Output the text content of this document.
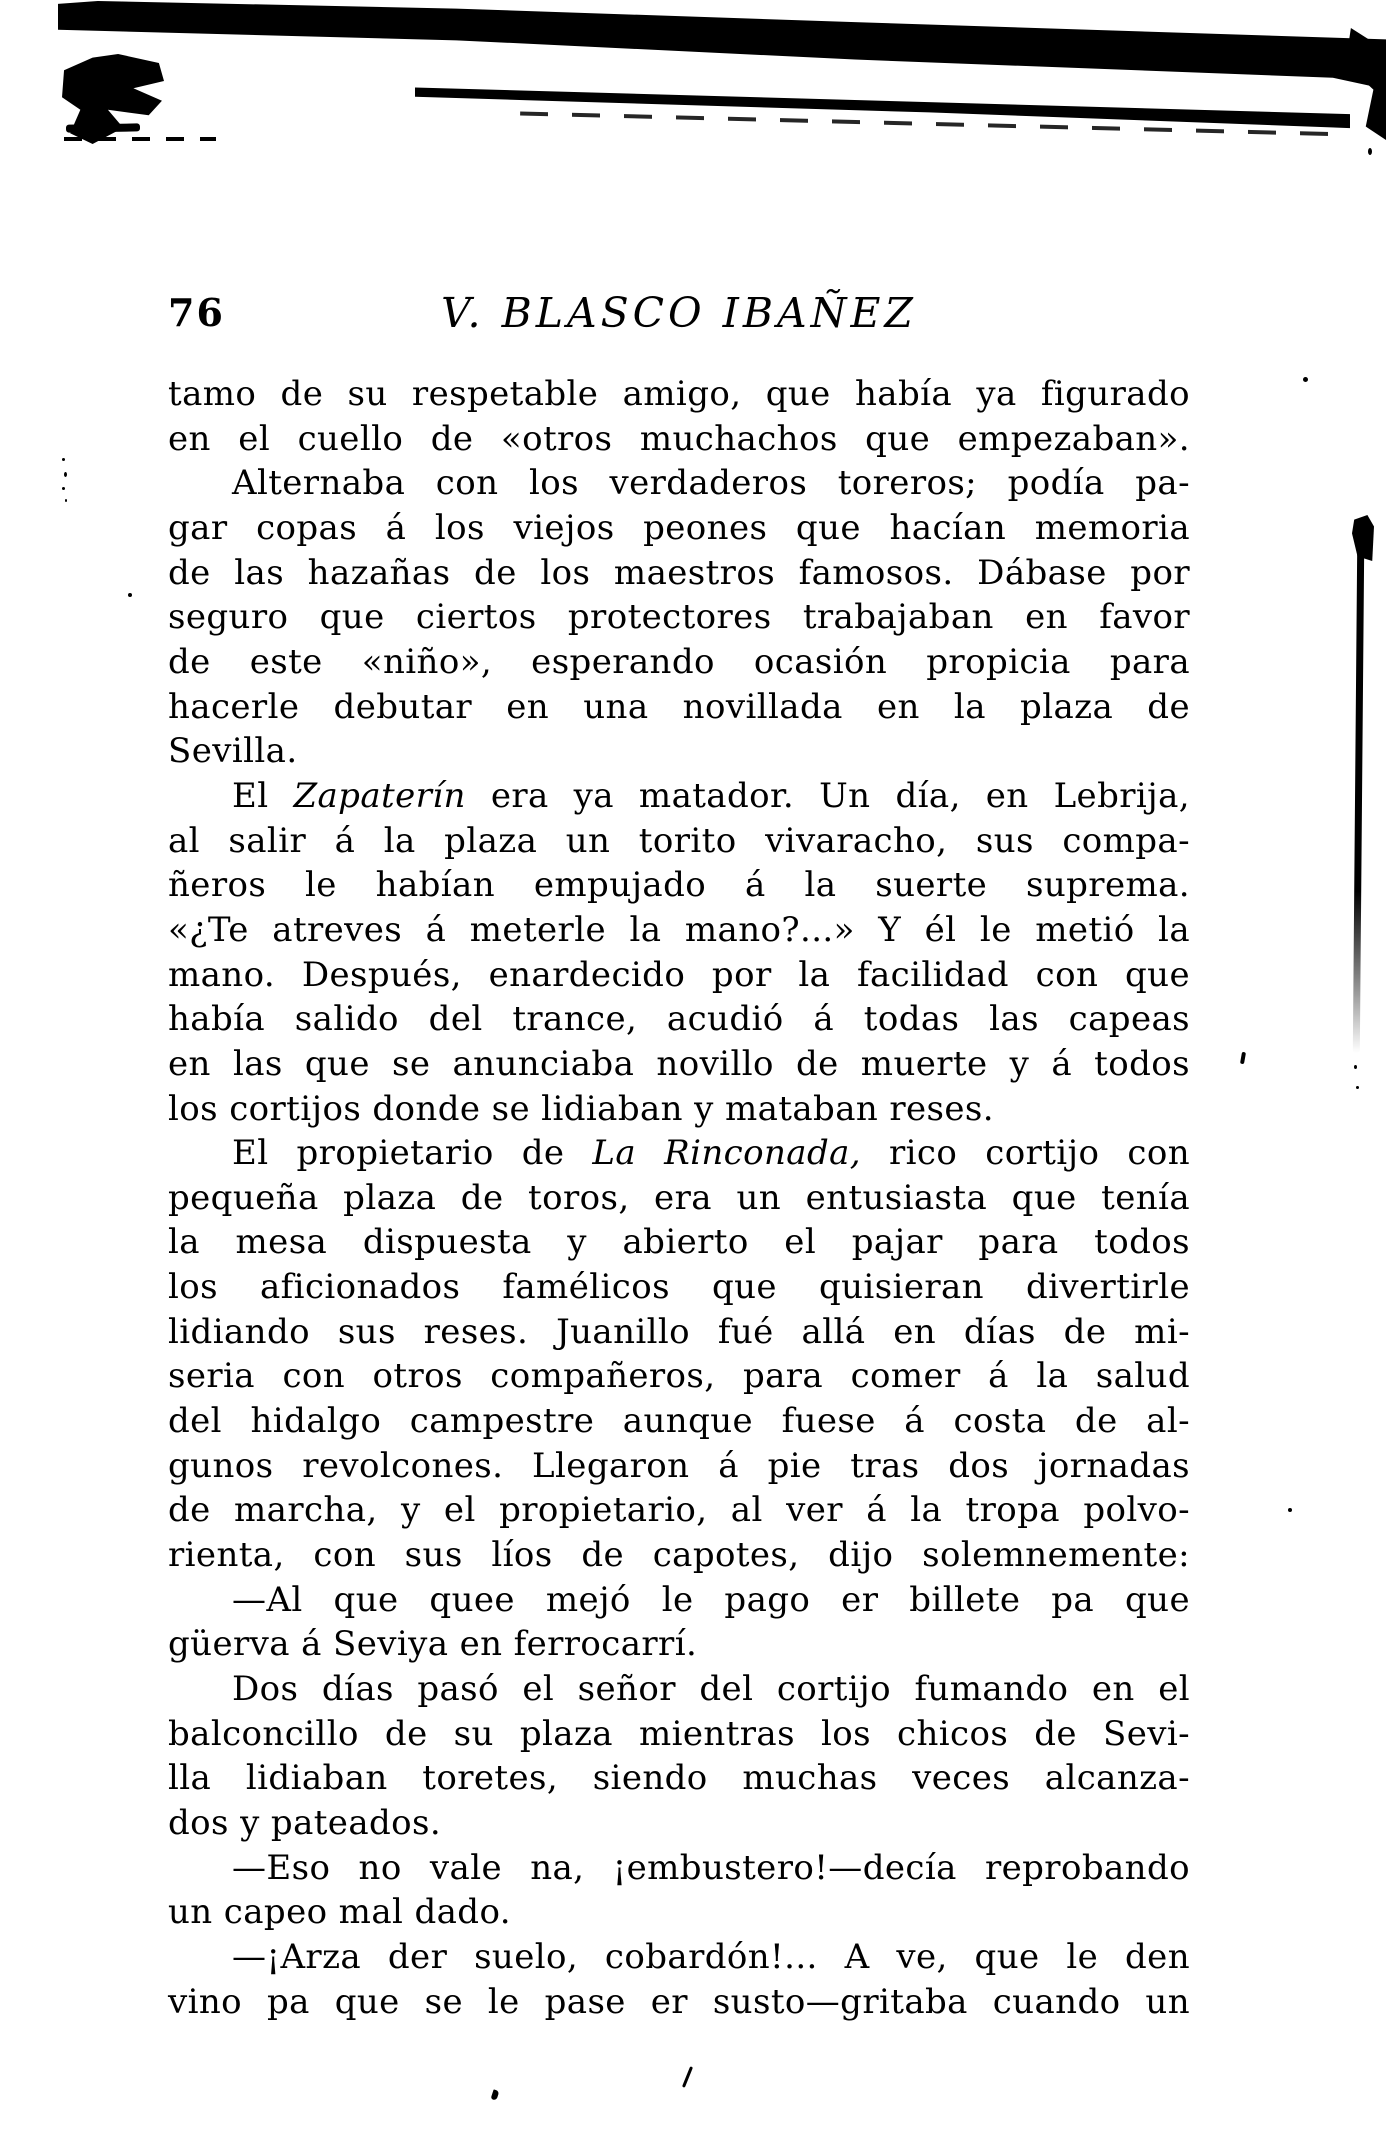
76	V. BLASCO IBAÑEZ
tamo de su respetable amigo, que había ya figurado
en el cuello de «otros muchachos que empezaban».
Alternaba con los verdaderos toreros; podía pa-
gar copas á los viejos peones que hacían memoria
de las hazañas de los maestros famosos. Dábase por
seguro que ciertos protectores trabajaban en favor
de este «niño», esperando ocasión propicia para
hacerle debutar en una novillada en la plaza de
Sevilla.
El Zapaterín era ya matador. Un día, en Lebrija,
al salir á la plaza un torito vivaracho, sus compa-
ñeros le habían empujado á la suerte suprema.
«¿Te atreves á meterle la mano?...» Y él le metió la
mano. Después, enardecido por la facilidad con que
había salido del trance, acudió á todas las capeas
en las que se anunciaba novillo de muerte y á todos
los cortijos donde se lidiaban y mataban reses.
El propietario de La Rinconada, rico cortijo con
pequeña plaza de toros, era un entusiasta que tenía
la mesa dispuesta y abierto el pajar para todos
los aficionados famélicos que quisieran divertirle
lidiando sus reses. Juanillo fué allá en días de mi-
seria con otros compañeros, para comer á la salud
del hidalgo campestre aunque fuese á costa de al-
gunos revolcones. Llegaron á pie tras dos jornadas
de marcha, y el propietario, al ver á la tropa polvo-
rienta, con sus líos de capotes, dijo solemnemente:
—Al que quee mejó le pago er billete pa que
güerva á Seviya en ferrocarrí.
Dos días pasó el señor del cortijo fumando en el
balconcillo de su plaza mientras los chicos de Sevi-
lla lidiaban toretes, siendo muchas veces alcanza-
dos y pateados.
—Eso no vale na, ¡embustero!—decía reprobando
un capeo mal dado.
—¡Arza der suelo, cobardón!... A ve, que le den
vino pa que se le pase er susto—gritaba cuando un
